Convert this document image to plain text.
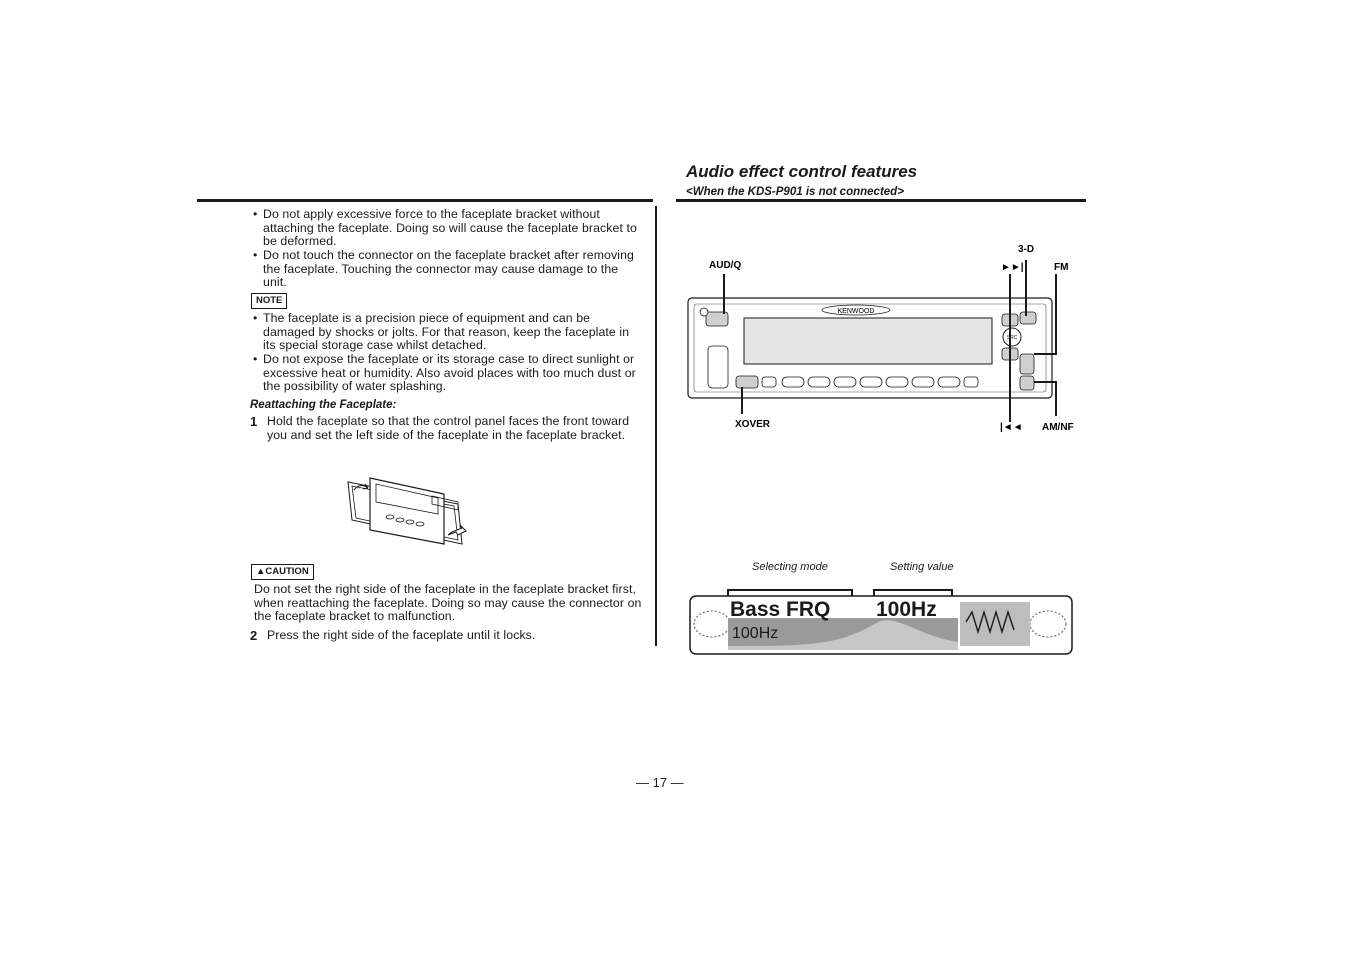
Audio effect control features
<When the KDS-P901 is not connected>
• Do not apply excessive force to the faceplate bracket without attaching the faceplate. Doing so will cause the faceplate bracket to be deformed.
• Do not touch the connector on the faceplate bracket after removing the faceplate. Touching the connector may cause damage to the unit.
NOTE
• The faceplate is a precision piece of equipment and can be damaged by shocks or jolts. For that reason, keep the faceplate in its special storage case whilst detached.
• Do not expose the faceplate or its storage case to direct sunlight or excessive heat or humidity. Also avoid places with too much dust or the possibility of water splashing.
Reattaching the Faceplate:
1 Hold the faceplate so that the control panel faces the front toward you and set the left side of the faceplate in the faceplate bracket.
▲CAUTION
Do not set the right side of the faceplate in the faceplate bracket first, when reattaching the faceplate. Doing so may cause the connector on the faceplate bracket to malfunction.
2 Press the right side of the faceplate until it locks.
KENWOOD
SRC
AUD/Q
XOVER
3-D
►►|	FM
|◄◄ AM/NF
Selecting mode	Setting value
Bass FRQ 100Hz
100Hz
— 17 —
